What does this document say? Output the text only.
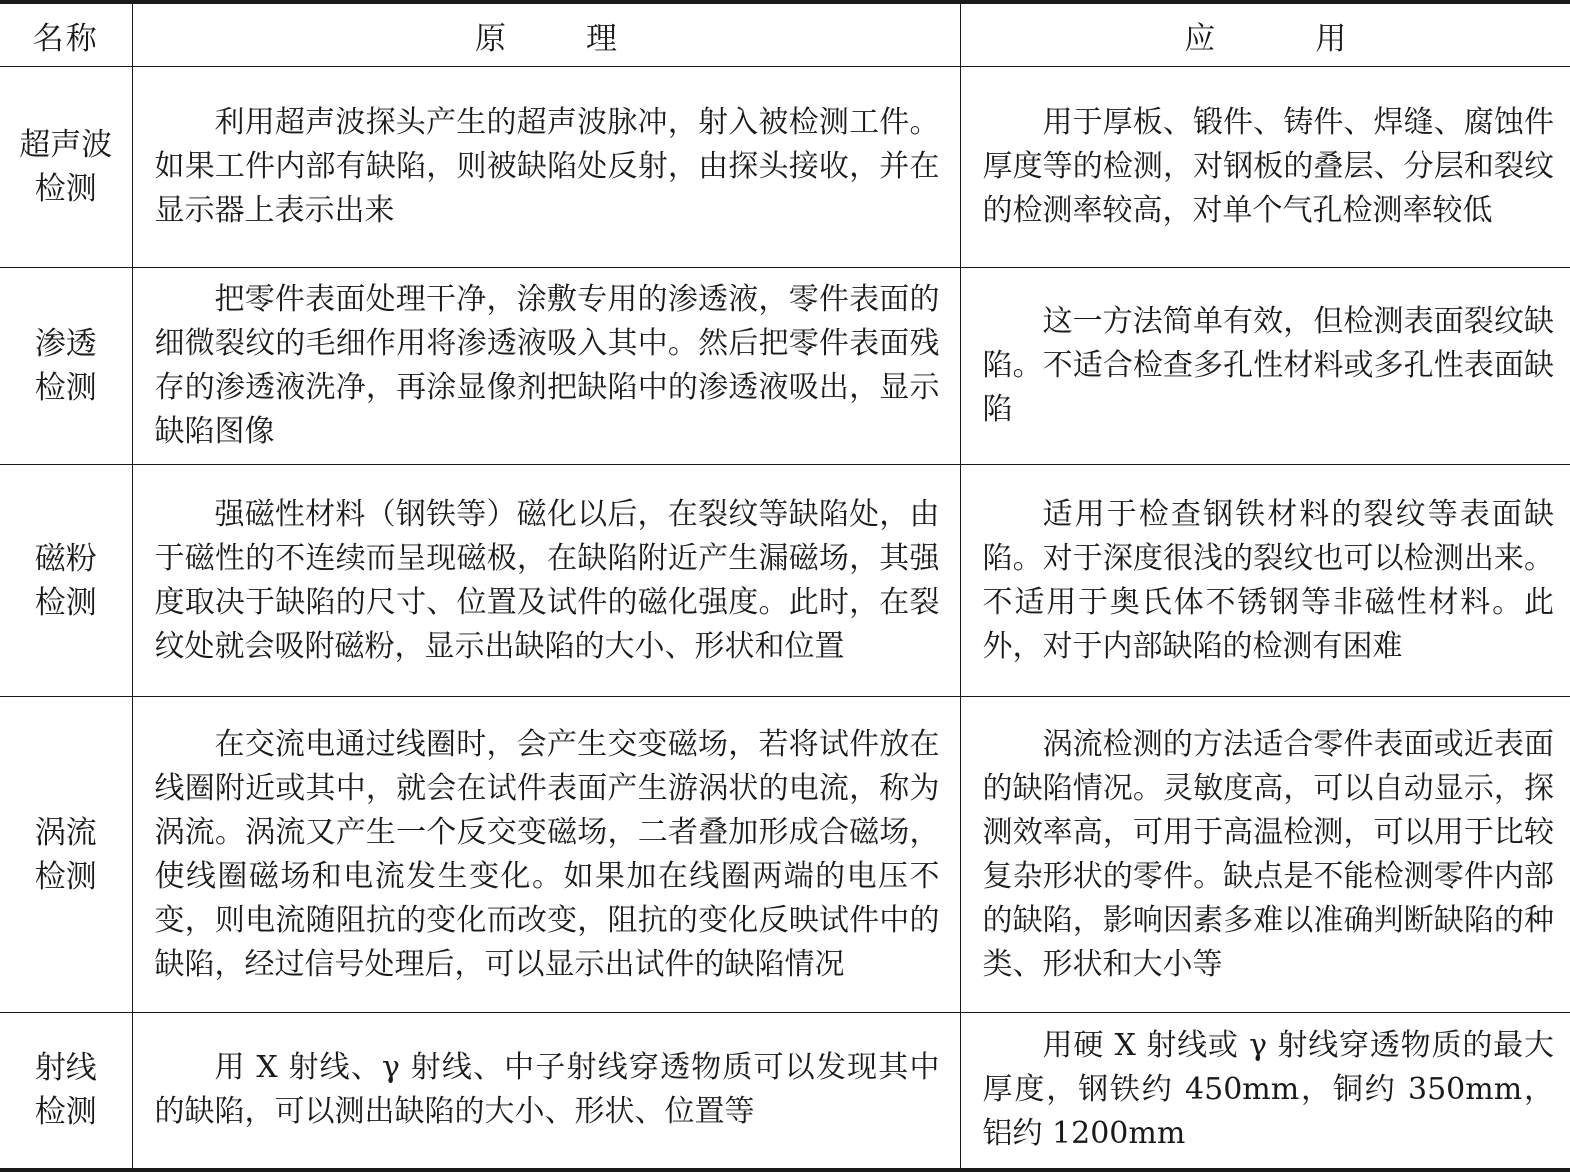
名称	原理	应用

超声波
检测	利用超声波探头产生的超声波脉冲，射入被检测工件。如果工件内部有缺陷，则被缺陷处反射，由探头接收，并在显示器上表示出来	用于厚板、锻件、铸件、焊缝、腐蚀件厚度等的检测，对钢板的叠层、分层和裂纹的检测率较高，对单个气孔检测率较低

渗透
检测	把零件表面处理干净，涂敷专用的渗透液，零件表面的细微裂纹的毛细作用将渗透液吸入其中。然后把零件表面残存的渗透液洗净，再涂显像剂把缺陷中的渗透液吸出，显示缺陷图像	这一方法简单有效，但检测表面裂纹缺陷。不适合检查多孔性材料或多孔性表面缺陷

磁粉
检测	强磁性材料（钢铁等）磁化以后，在裂纹等缺陷处，由于磁性的不连续而呈现磁极，在缺陷附近产生漏磁场，其强度取决于缺陷的尺寸、位置及试件的磁化强度。此时，在裂纹处就会吸附磁粉，显示出缺陷的大小、形状和位置	适用于检查钢铁材料的裂纹等表面缺陷。对于深度很浅的裂纹也可以检测出来。不适用于奥氏体不锈钢等非磁性材料。此外，对于内部缺陷的检测有困难

涡流
检测	在交流电通过线圈时，会产生交变磁场，若将试件放在线圈附近或其中，就会在试件表面产生游涡状的电流，称为涡流。涡流又产生一个反交变磁场，二者叠加形成合磁场，使线圈磁场和电流发生变化。如果加在线圈两端的电压不变，则电流随阻抗的变化而改变，阻抗的变化反映试件中的缺陷，经过信号处理后，可以显示出试件的缺陷情况	涡流检测的方法适合零件表面或近表面的缺陷情况。灵敏度高，可以自动显示，探测效率高，可用于高温检测，可以用于比较复杂形状的零件。缺点是不能检测零件内部的缺陷，影响因素多难以准确判断缺陷的种类、形状和大小等

射线
检测	用 X 射线、γ 射线、中子射线穿透物质可以发现其中的缺陷，可以测出缺陷的大小、形状、位置等	用硬 X 射线或 γ 射线穿透物质的最大厚度，钢铁约 450mm，铜约 350mm，铝约 1200mm
